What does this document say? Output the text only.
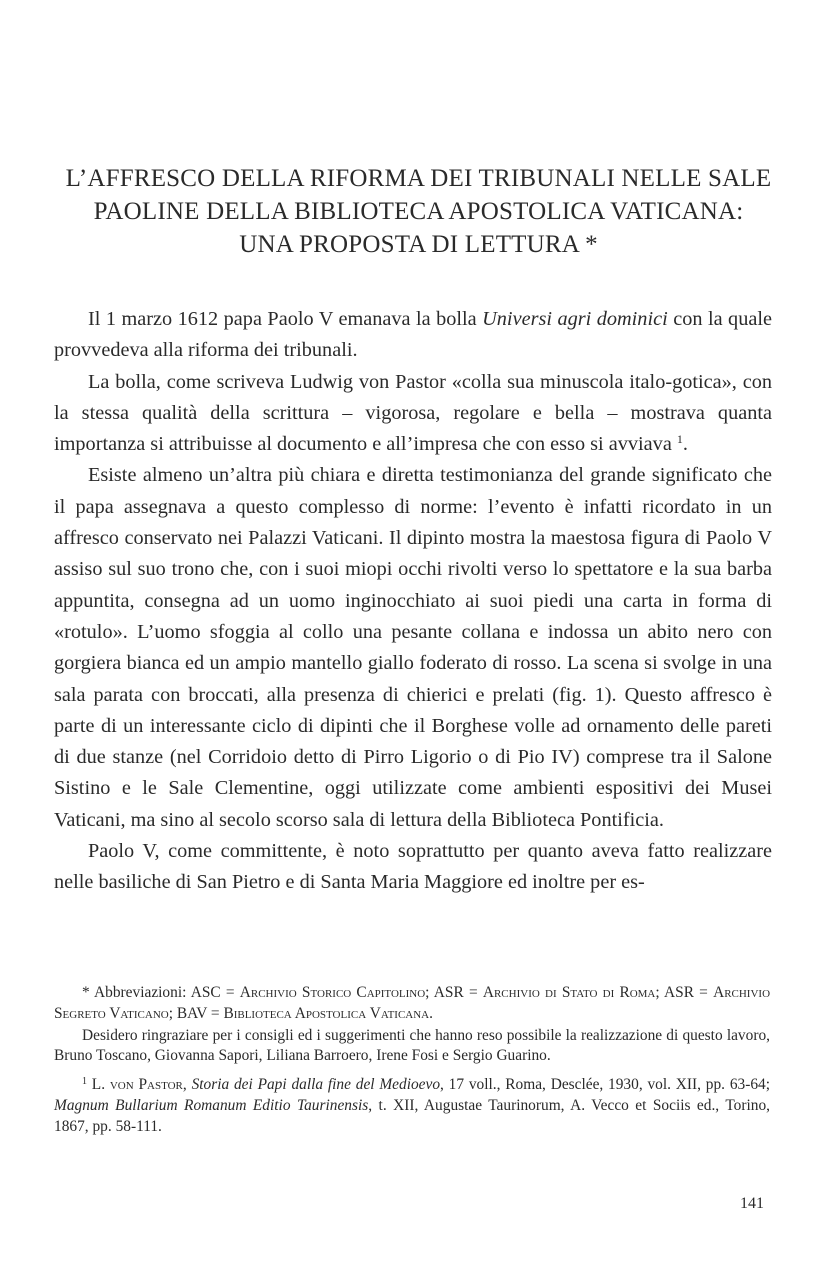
L’AFFRESCO DELLA RIFORMA DEI TRIBUNALI NELLE SALE
PAOLINE DELLA BIBLIOTECA APOSTOLICA VATICANA:
UNA PROPOSTA DI LETTURA *

Il 1 marzo 1612 papa Paolo V emanava la bolla Universi agri dominici con la quale provvedeva alla riforma dei tribunali.

La bolla, come scriveva Ludwig von Pastor «colla sua minuscola italo-gotica», con la stessa qualità della scrittura – vigorosa, regolare e bella – mostrava quanta importanza si attribuisse al documento e all’impresa che con esso si avviava $^1$.

Esiste almeno un’altra più chiara e diretta testimonianza del grande significato che il papa assegnava a questo complesso di norme: l’evento è infatti ricordato in un affresco conservato nei Palazzi Vaticani. Il dipinto mostra la maestosa figura di Paolo V assiso sul suo trono che, con i suoi miopi occhi rivolti verso lo spettatore e la sua barba appuntita, consegna ad un uomo inginocchiato ai suoi piedi una carta in forma di «rotulo». L’uomo sfoggia al collo una pesante collana e indossa un abito nero con gorgiera bianca ed un ampio mantello giallo foderato di rosso. La scena si svolge in una sala parata con broccati, alla presenza di chierici e prelati (fig. 1). Questo affresco è parte di un interessante ciclo di dipinti che il Borghese volle ad ornamento delle pareti di due stanze (nel Corridoio detto di Pirro Ligorio o di Pio IV) comprese tra il Salone Sistino e le Sale Clementine, oggi utilizzate come ambienti espositivi dei Musei Vaticani, ma sino al secolo scorso sala di lettura della Biblioteca Pontificia.

Paolo V, come committente, è noto soprattutto per quanto aveva fatto realizzare nelle basiliche di San Pietro e di Santa Maria Maggiore ed inoltre per es-

* Abbreviazioni: ASC = Archivio Storico Capitolino; ASR = Archivio di Stato di Roma; ASR = Archivio Segreto Vaticano; BAV = Biblioteca Apostolica Vaticana.

Desidero ringraziare per i consigli ed i suggerimenti che hanno reso possibile la realizzazione di questo lavoro, Bruno Toscano, Giovanna Sapori, Liliana Barroero, Irene Fosi e Sergio Guarino.

$^1$ L. von Pastor, Storia dei Papi dalla fine del Medioevo, 17 voll., Roma, Desclée, 1930, vol. XII, pp. 63-64; Magnum Bullarium Romanum Editio Taurinensis, t. XII, Augustae Taurinorum, A. Vecco et Sociis ed., Torino, 1867, pp. 58-111.

141
